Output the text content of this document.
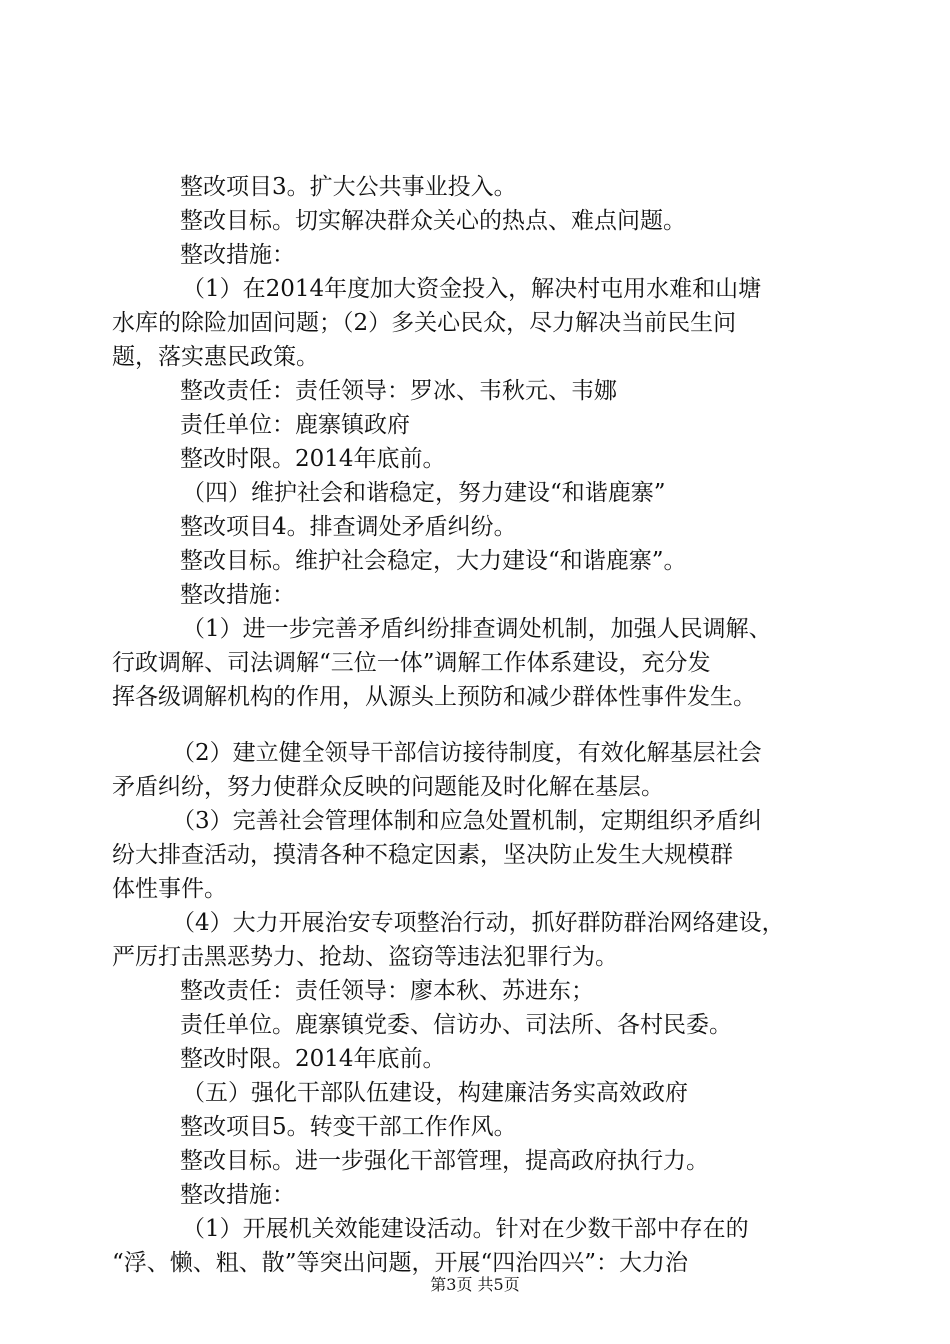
整改项目3。扩大公共事业投入。
整改目标。切实解决群众关心的热点、难点问题。
整改措施：
（1）在2014年度加大资金投入，解决村屯用水难和山塘
水库的除险加固问题；（2）多关心民众，尽力解决当前民生问
题，落实惠民政策。
整改责任：责任领导：罗冰、韦秋元、韦娜
责任单位：鹿寨镇政府
整改时限。2014年底前。
（四）维护社会和谐稳定，努力建设“和谐鹿寨”
整改项目4。排查调处矛盾纠纷。
整改目标。维护社会稳定，大力建设“和谐鹿寨”。
整改措施：
（1）进一步完善矛盾纠纷排查调处机制，加强人民调解、
行政调解、司法调解“三位一体”调解工作体系建设，充分发
挥各级调解机构的作用，从源头上预防和减少群体性事件发生。
（2）建立健全领导干部信访接待制度，有效化解基层社会
矛盾纠纷，努力使群众反映的问题能及时化解在基层。
（3）完善社会管理体制和应急处置机制，定期组织矛盾纠
纷大排查活动，摸清各种不稳定因素，坚决防止发生大规模群
体性事件。
（4）大力开展治安专项整治行动，抓好群防群治网络建设，
严厉打击黑恶势力、抢劫、盗窃等违法犯罪行为。
整改责任：责任领导：廖本秋、苏进东；
责任单位。鹿寨镇党委、信访办、司法所、各村民委。
整改时限。2014年底前。
（五）强化干部队伍建设，构建廉洁务实高效政府
整改项目5。转变干部工作作风。
整改目标。进一步强化干部管理，提高政府执行力。
整改措施：
（1）开展机关效能建设活动。针对在少数干部中存在的
“浮、懒、粗、散”等突出问题，开展“四治四兴”：大力治
第3页 共5页
